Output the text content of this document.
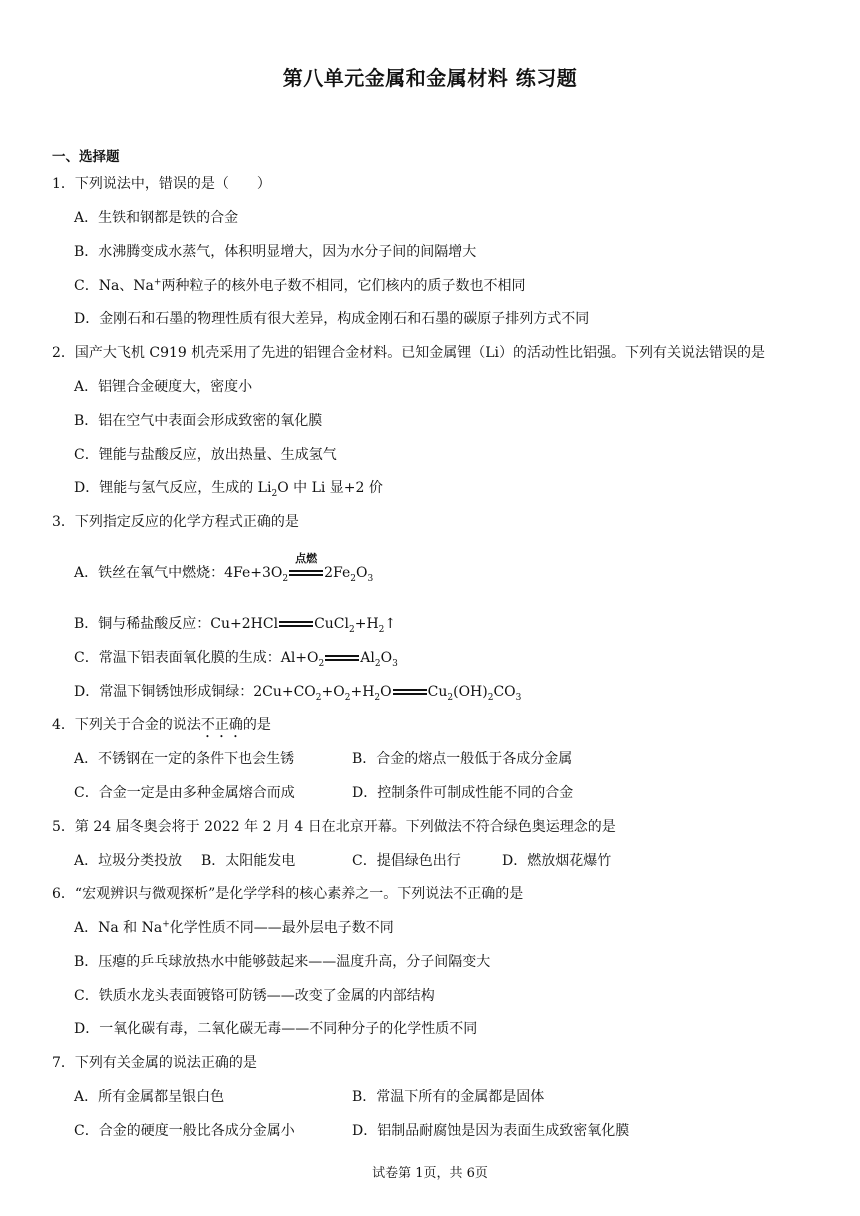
第八单元金属和金属材料 练习题
一、选择题
1．下列说法中，错误的是（　　）
A．生铁和钢都是铁的合金
B．水沸腾变成水蒸气，体积明显增大，因为水分子间的间隔增大
C．Na、Na+两种粒子的核外电子数不相同，它们核内的质子数也不相同
D．金刚石和石墨的物理性质有很大差异，构成金刚石和石墨的碳原子排列方式不同
2．国产大飞机 C919 机壳采用了先进的铝锂合金材料。已知金属锂（Li）的活动性比铝强。下列有关说法错误的是
A．铝锂合金硬度大，密度小
B．铝在空气中表面会形成致密的氧化膜
C．锂能与盐酸反应，放出热量、生成氢气
D．锂能与氢气反应，生成的 $Li_2O$ 中 Li 显+2 价
3．下列指定反应的化学方程式正确的是
A．铁丝在氧气中燃烧：$4Fe+3O_2$
点燃
$2Fe_2O_3$
B．铜与稀盐酸反应：Cu+2HCl	$CuCl_2+H_2↑$
C．常温下铝表面氧化膜的生成：$Al+O_2$	$Al_2O_3$
D．常温下铜锈蚀形成铜绿：$2Cu+CO_2+O_2+H_2O$	$Cu_2(OH)_2CO_3$
4．下列关于合金的说法不正确的是
A．不锈钢在一定的条件下也会生锈	B．合金的熔点一般低于各成分金属
C．合金一定是由多种金属熔合而成	D．控制条件可制成性能不同的合金
5．第 24 届冬奥会将于 2022 年 2 月 4 日在北京开幕。下列做法不符合绿色奥运理念的是
A．垃圾分类投放 B．太阳能发电	C．提倡绿色出行	D．燃放烟花爆竹
6．“宏观辨识与微观探析”是化学学科的核心素养之一。下列说法不正确的是
A．Na 和 Na+化学性质不同——最外层电子数不同
B．压瘪的乒乓球放热水中能够鼓起来——温度升高，分子间隔变大
C．铁质水龙头表面镀铬可防锈——改变了金属的内部结构
D．一氧化碳有毒，二氧化碳无毒——不同种分子的化学性质不同
7．下列有关金属的说法正确的是
A．所有金属都呈银白色	B．常温下所有的金属都是固体
C．合金的硬度一般比各成分金属小	D．铝制品耐腐蚀是因为表面生成致密氧化膜
试卷第 1页，共 6页
